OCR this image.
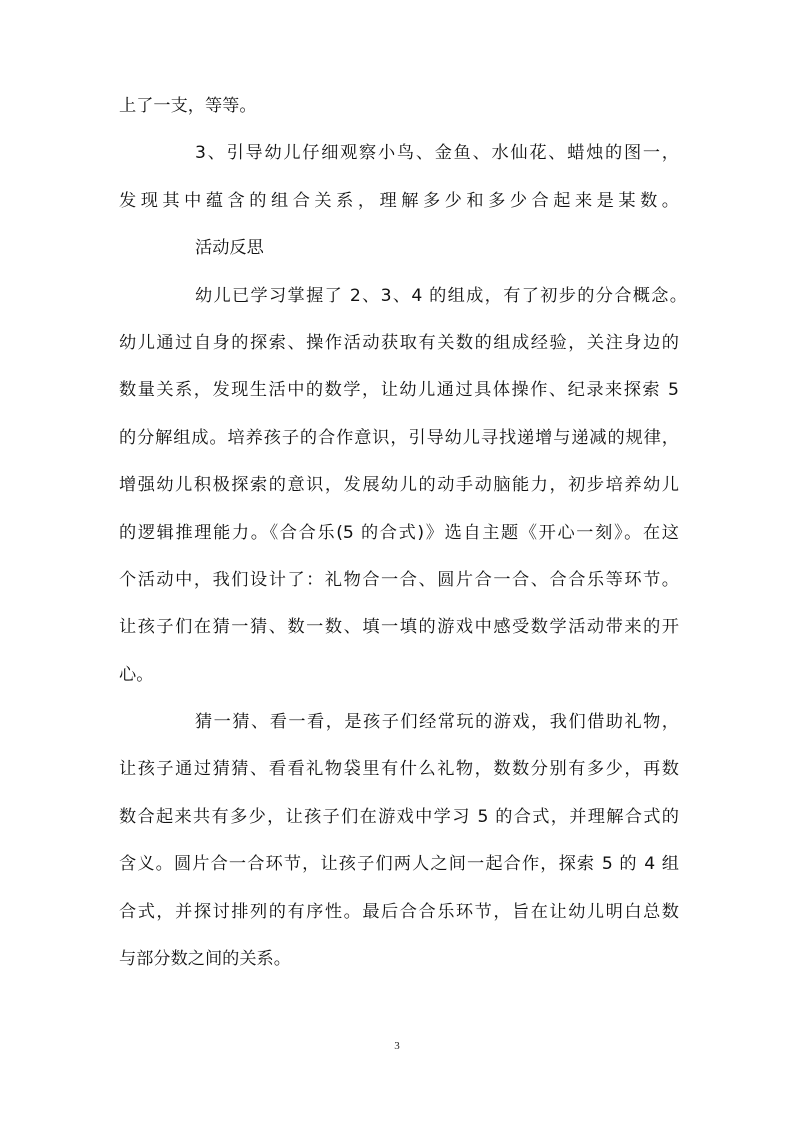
上了一支，等等。
3、引导幼儿仔细观察小鸟、金鱼、水仙花、蜡烛的图一，
发现其中蕴含的组合关系，理解多少和多少合起来是某数。
活动反思
幼儿已学习掌握了 2、3、4 的组成，有了初步的分合概念。
幼儿通过自身的探索、操作活动获取有关数的组成经验，关注身边的
数量关系，发现生活中的数学，让幼儿通过具体操作、纪录来探索 5
的分解组成。培养孩子的合作意识，引导幼儿寻找递增与递减的规律，
增强幼儿积极探索的意识，发展幼儿的动手动脑能力，初步培养幼儿
的逻辑推理能力。《合合乐(5 的合式)》选自主题《开心一刻》。在这
个活动中，我们设计了：礼物合一合、圆片合一合、合合乐等环节。
让孩子们在猜一猜、数一数、填一填的游戏中感受数学活动带来的开
心。
猜一猜、看一看，是孩子们经常玩的游戏，我们借助礼物，
让孩子通过猜猜、看看礼物袋里有什么礼物，数数分别有多少，再数
数合起来共有多少，让孩子们在游戏中学习 5 的合式，并理解合式的
含义。圆片合一合环节，让孩子们两人之间一起合作，探索 5 的 4 组
合式，并探讨排列的有序性。最后合合乐环节，旨在让幼儿明白总数
与部分数之间的关系。
3
